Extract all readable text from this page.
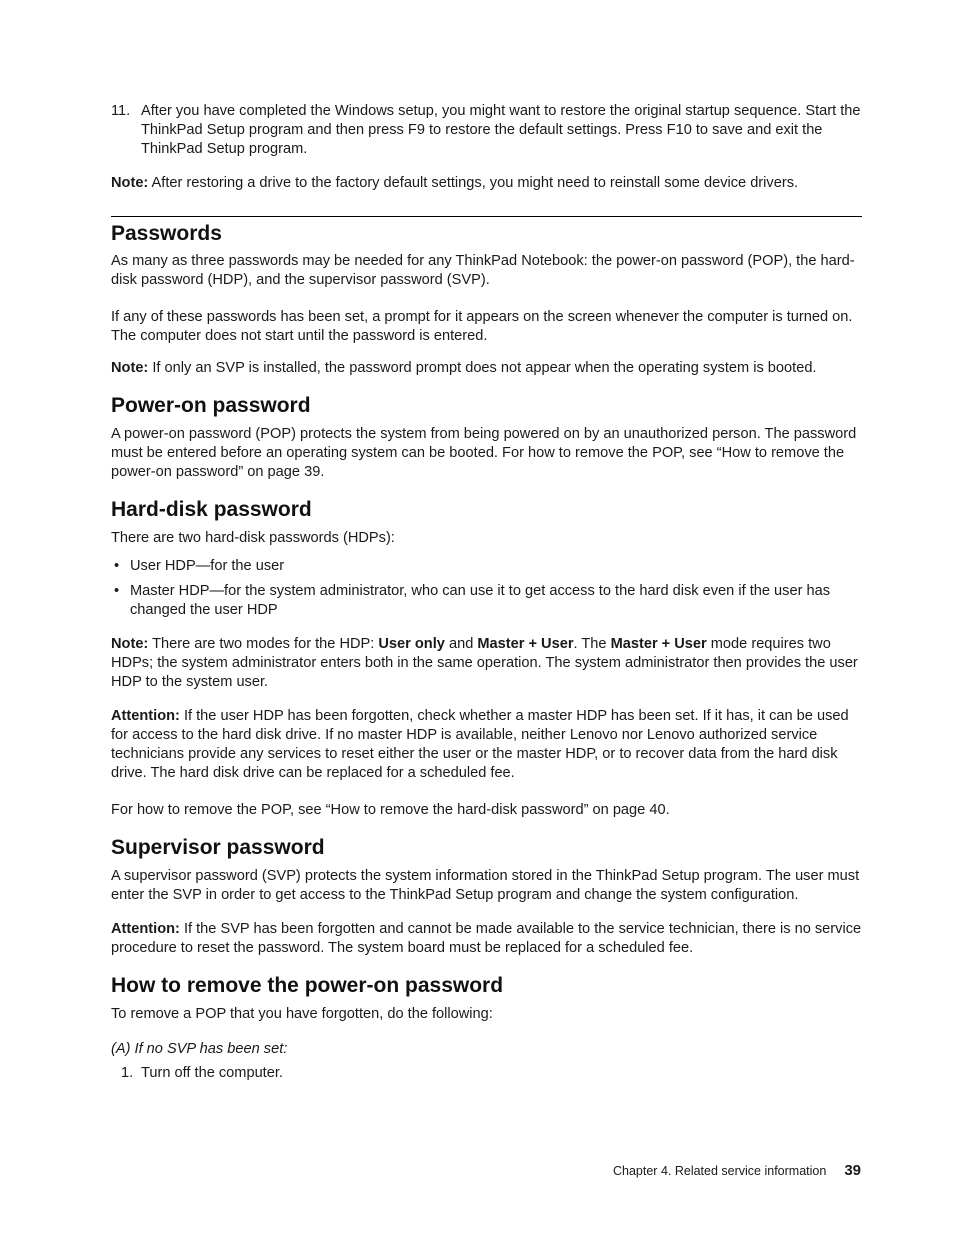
11. After you have completed the Windows setup, you might want to restore the original startup sequence. Start the ThinkPad Setup program and then press F9 to restore the default settings. Press F10 to save and exit the ThinkPad Setup program.

Note: After restoring a drive to the factory default settings, you might need to reinstall some device drivers.

Passwords

As many as three passwords may be needed for any ThinkPad Notebook: the power-on password (POP), the hard-disk password (HDP), and the supervisor password (SVP).

If any of these passwords has been set, a prompt for it appears on the screen whenever the computer is turned on. The computer does not start until the password is entered.

Note: If only an SVP is installed, the password prompt does not appear when the operating system is booted.

Power-on password

A power-on password (POP) protects the system from being powered on by an unauthorized person. The password must be entered before an operating system can be booted. For how to remove the POP, see “How to remove the power-on password” on page 39.

Hard-disk password

There are two hard-disk passwords (HDPs):

• User HDP—for the user
• Master HDP—for the system administrator, who can use it to get access to the hard disk even if the user has changed the user HDP

Note: There are two modes for the HDP: User only and Master + User. The Master + User mode requires two HDPs; the system administrator enters both in the same operation. The system administrator then provides the user HDP to the system user.

Attention: If the user HDP has been forgotten, check whether a master HDP has been set. If it has, it can be used for access to the hard disk drive. If no master HDP is available, neither Lenovo nor Lenovo authorized service technicians provide any services to reset either the user or the master HDP, or to recover data from the hard disk drive. The hard disk drive can be replaced for a scheduled fee.

For how to remove the POP, see “How to remove the hard-disk password” on page 40.

Supervisor password

A supervisor password (SVP) protects the system information stored in the ThinkPad Setup program. The user must enter the SVP in order to get access to the ThinkPad Setup program and change the system configuration.

Attention: If the SVP has been forgotten and cannot be made available to the service technician, there is no service procedure to reset the password. The system board must be replaced for a scheduled fee.

How to remove the power-on password

To remove a POP that you have forgotten, do the following:

(A) If no SVP has been set:

1. Turn off the computer.

Chapter 4. Related service information 39
